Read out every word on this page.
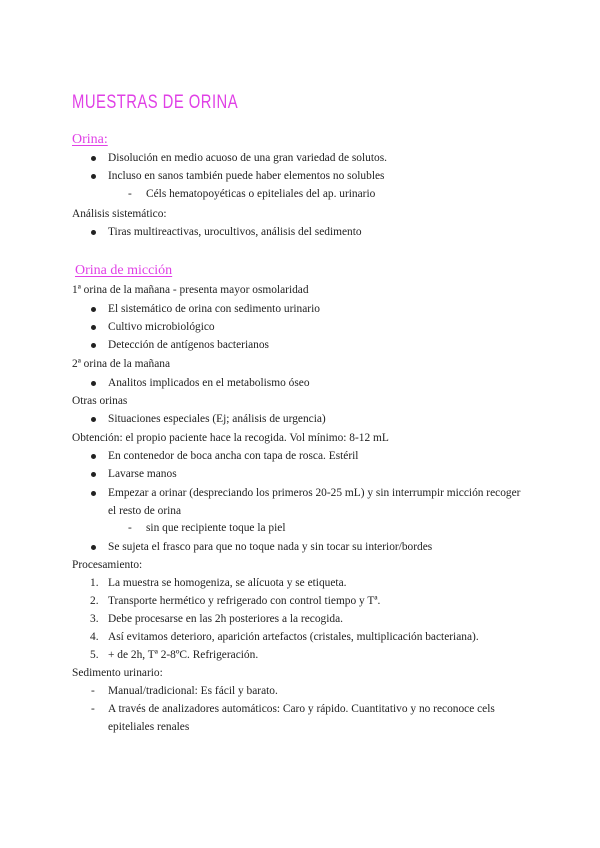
MUESTRAS DE ORINA
Orina:
Disolución en medio acuoso de una gran variedad de solutos.
Incluso en sanos también puede haber elementos no solubles
- Céls hematopoyéticas o epiteliales del ap. urinario
Análisis sistemático:
Tiras multireactivas, urocultivos, análisis del sedimento
Orina de micción
1ª orina de la mañana - presenta mayor osmolaridad
El sistemático de orina con sedimento urinario
Cultivo microbiológico
Detección de antígenos bacterianos
2ª orina de la mañana
Analitos implicados en el metabolismo óseo
Otras orinas
Situaciones especiales (Ej; análisis de urgencia)
Obtención: el propio paciente hace la recogida. Vol mínimo: 8-12 mL
En contenedor de boca ancha con tapa de rosca. Estéril
Lavarse manos
Empezar a orinar (despreciando los primeros 20-25 mL) y sin interrumpir micción recoger
el resto de orina
- sin que recipiente toque la piel
Se sujeta el frasco para que no toque nada y sin tocar su interior/bordes
Procesamiento:
1. La muestra se homogeniza, se alícuota y se etiqueta.
2. Transporte hermético y refrigerado con control tiempo y Tª.
3. Debe procesarse en las 2h posteriores a la recogida.
4. Así evitamos deterioro, aparición artefactos (cristales, multiplicación bacteriana).
5. + de 2h, Tª 2-8ºC. Refrigeración.
Sedimento urinario:
- Manual/tradicional: Es fácil y barato.
- A través de analizadores automáticos: Caro y rápido. Cuantitativo y no reconoce cels
epiteliales renales
